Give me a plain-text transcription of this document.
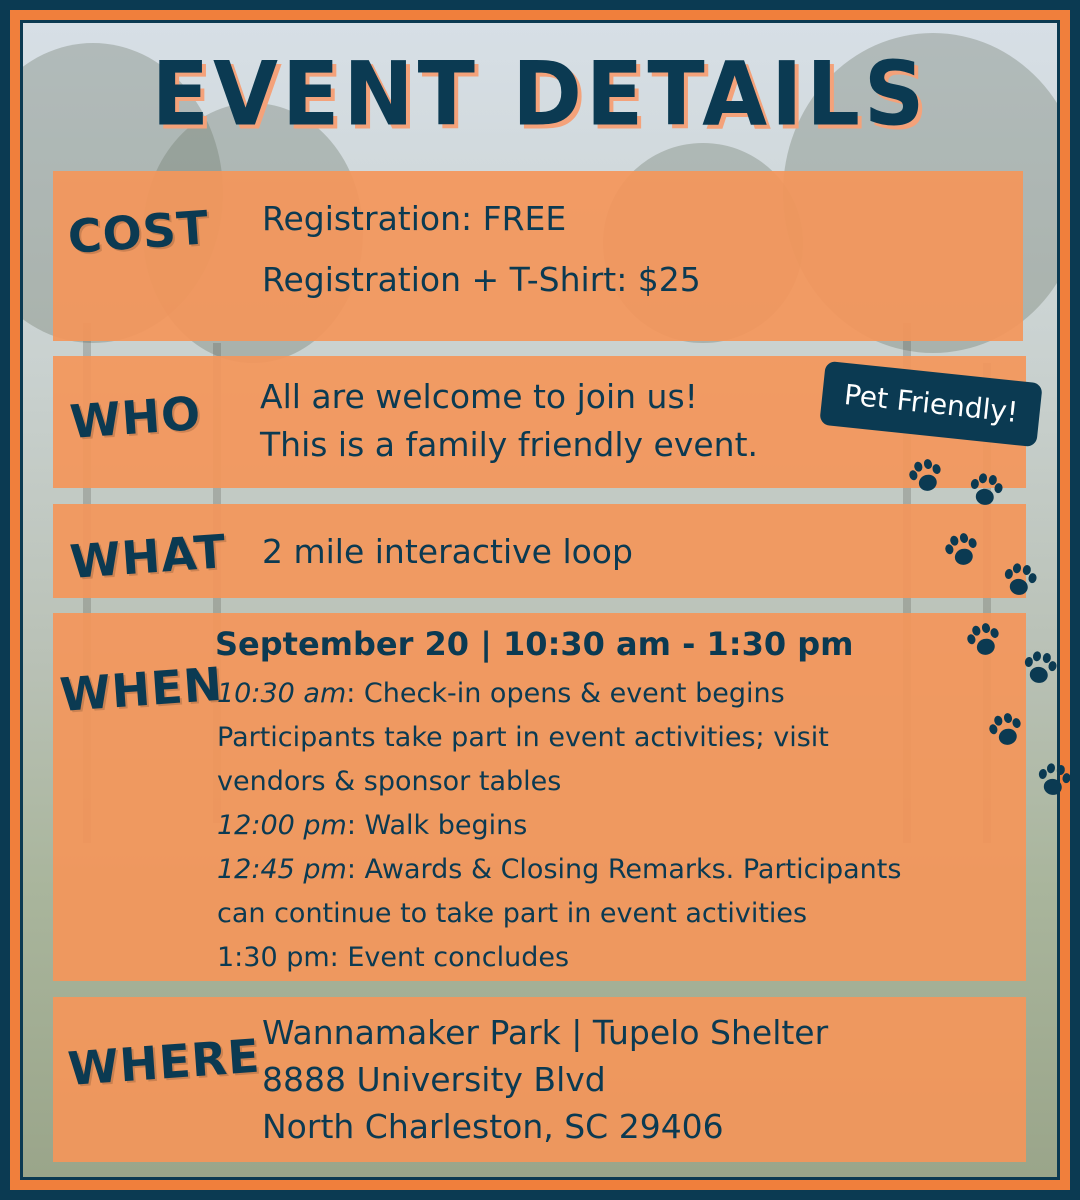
EVENT DETAILS
COST Registration: FREE
Registration + T-Shirt: $25
WHO All are welcome to join us!
This is a family friendly event.
Pet Friendly!
WHAT 2 mile interactive loop
WHEN
September 20 | 10:30 am - 1:30 pm
10:30 am: Check-in opens & event begins
Participants take part in event activities; visit
vendors & sponsor tables
12:00 pm: Walk begins
12:45 pm: Awards & Closing Remarks. Participants
can continue to take part in event activities
1:30 pm: Event concludes
WHERE Wannamaker Park | Tupelo Shelter
8888 University Blvd
North Charleston, SC 29406
